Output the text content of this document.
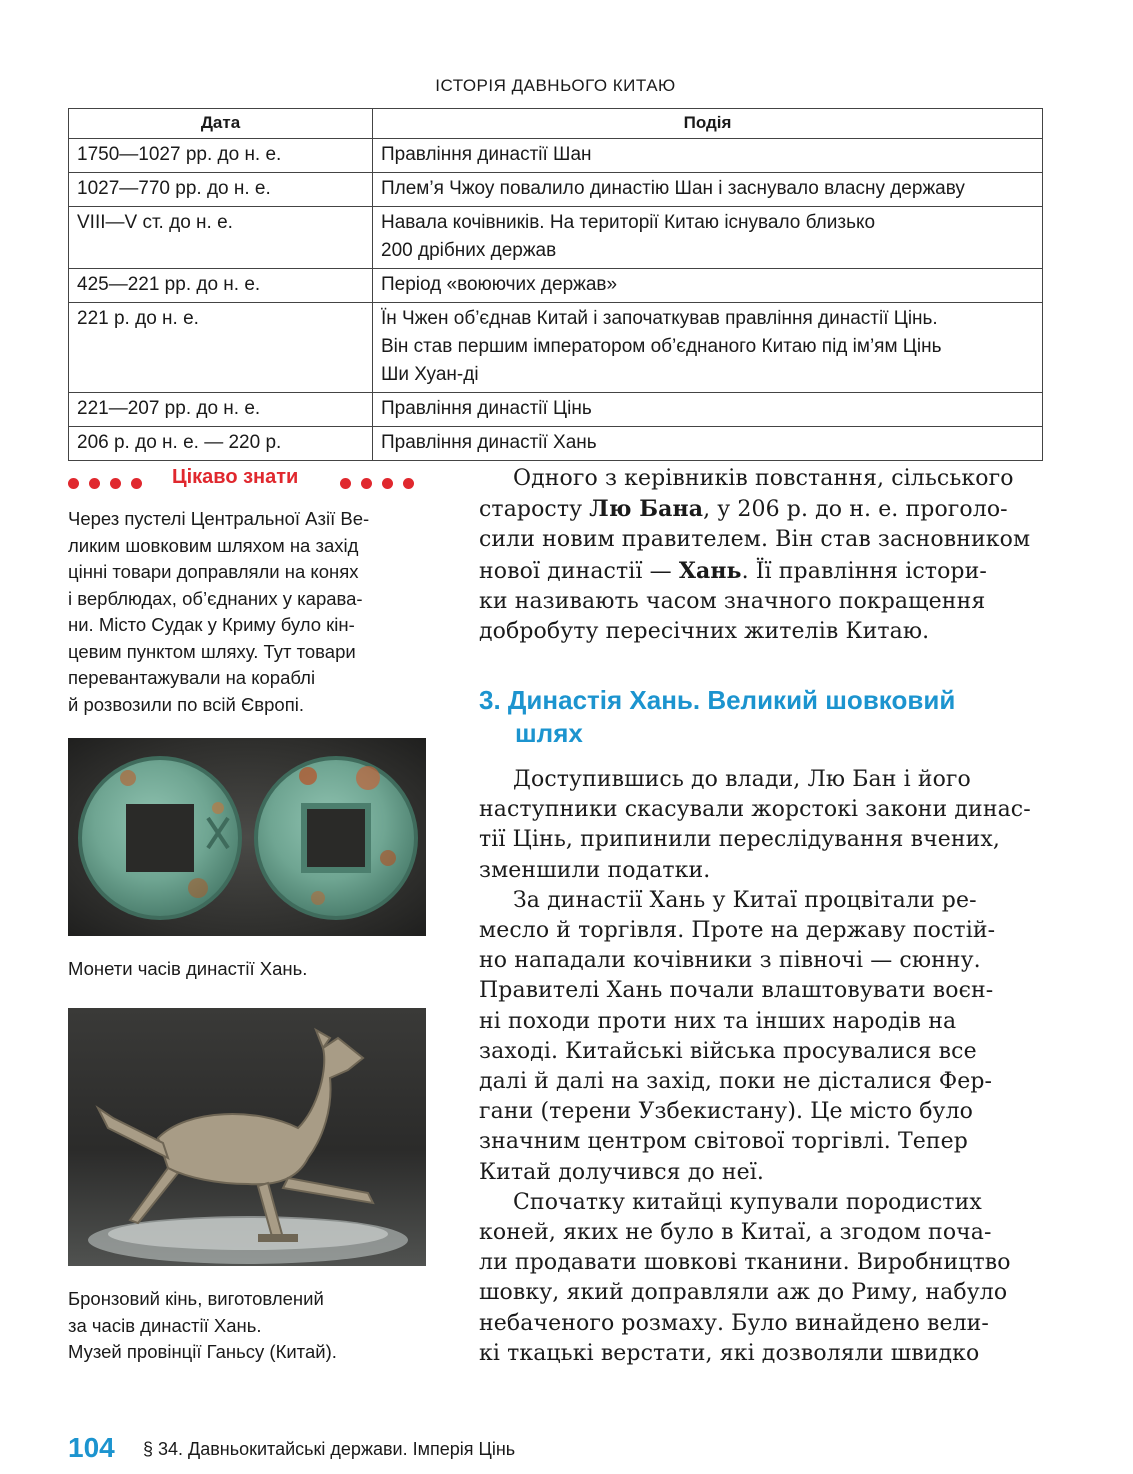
ІСТОРІЯ ДАВНЬОГО КИТАЮ
Дата	Подія
1750—1027 рр. до н. е.	Правління династії Шан
1027—770 рр. до н. е.	Плем’я Чжоу повалило династію Шан і заснувало власну державу
VIII—V ст. до н. е.	Навала кочівників. На території Китаю існувало близько
200 дрібних держав
425—221 рр. до н. е.	Період «воюючих держав»
221 р. до н. е.	Їн Чжен об’єднав Китай і започаткував правління династії Цінь.
Він став першим імператором об’єднаного Китаю під ім’ям Цінь
Ши Хуан-ді
221—207 рр. до н. е.	Правління династії Цінь
206 р. до н. е. — 220 р.	Правління династії Хань
Цікаво знати
Через пустелі Центральної Азії Ве-
ликим шовковим шляхом на захід
цінні товари доправляли на конях
і верблюдах, об’єднаних у карава-
ни. Місто Судак у Криму було кін-
цевим пунктом шляху. Тут товари
перевантажували на кораблі
й розвозили по всій Європі.
Монети часів династії Хань.
Бронзовий кінь, виготовлений
за часів династії Хань.
Музей провінції Ганьсу (Китай).
Одного з керівників повстання, сільського
старосту Лю Бана, у 206 р. до н. е. проголо-
сили новим правителем. Він став засновником
нової династії — Хань. Її правління істори-
ки називають часом значного покращення
добробуту пересічних жителів Китаю.
3. Династія Хань. Великий шовковий
шлях
Доступившись до влади, Лю Бан і його
наступники скасували жорстокі закони динас-
тії Цінь, припинили переслідування вчених,
зменшили податки.
За династії Хань у Китаї процвітали ре-
месло й торгівля. Проте на державу постій-
но нападали кочівники з півночі — сюнну.
Правителі Хань почали влаштовувати воєн-
ні походи проти них та інших народів на
заході. Китайські війська просувалися все
далі й далі на захід, поки не дісталися Фер-
гани (терени Узбекистану). Це місто було
значним центром світової торгівлі. Тепер
Китай долучився до неї.
Спочатку китайці купували породистих
коней, яких не було в Китаї, а згодом поча-
ли продавати шовкові тканини. Виробництво
шовку, який доправляли аж до Риму, набуло
небаченого розмаху. Було винайдено вели-
кі ткацькі верстати, які дозволяли швидко
104 § 34. Давньокитайські держави. Імперія Цінь
